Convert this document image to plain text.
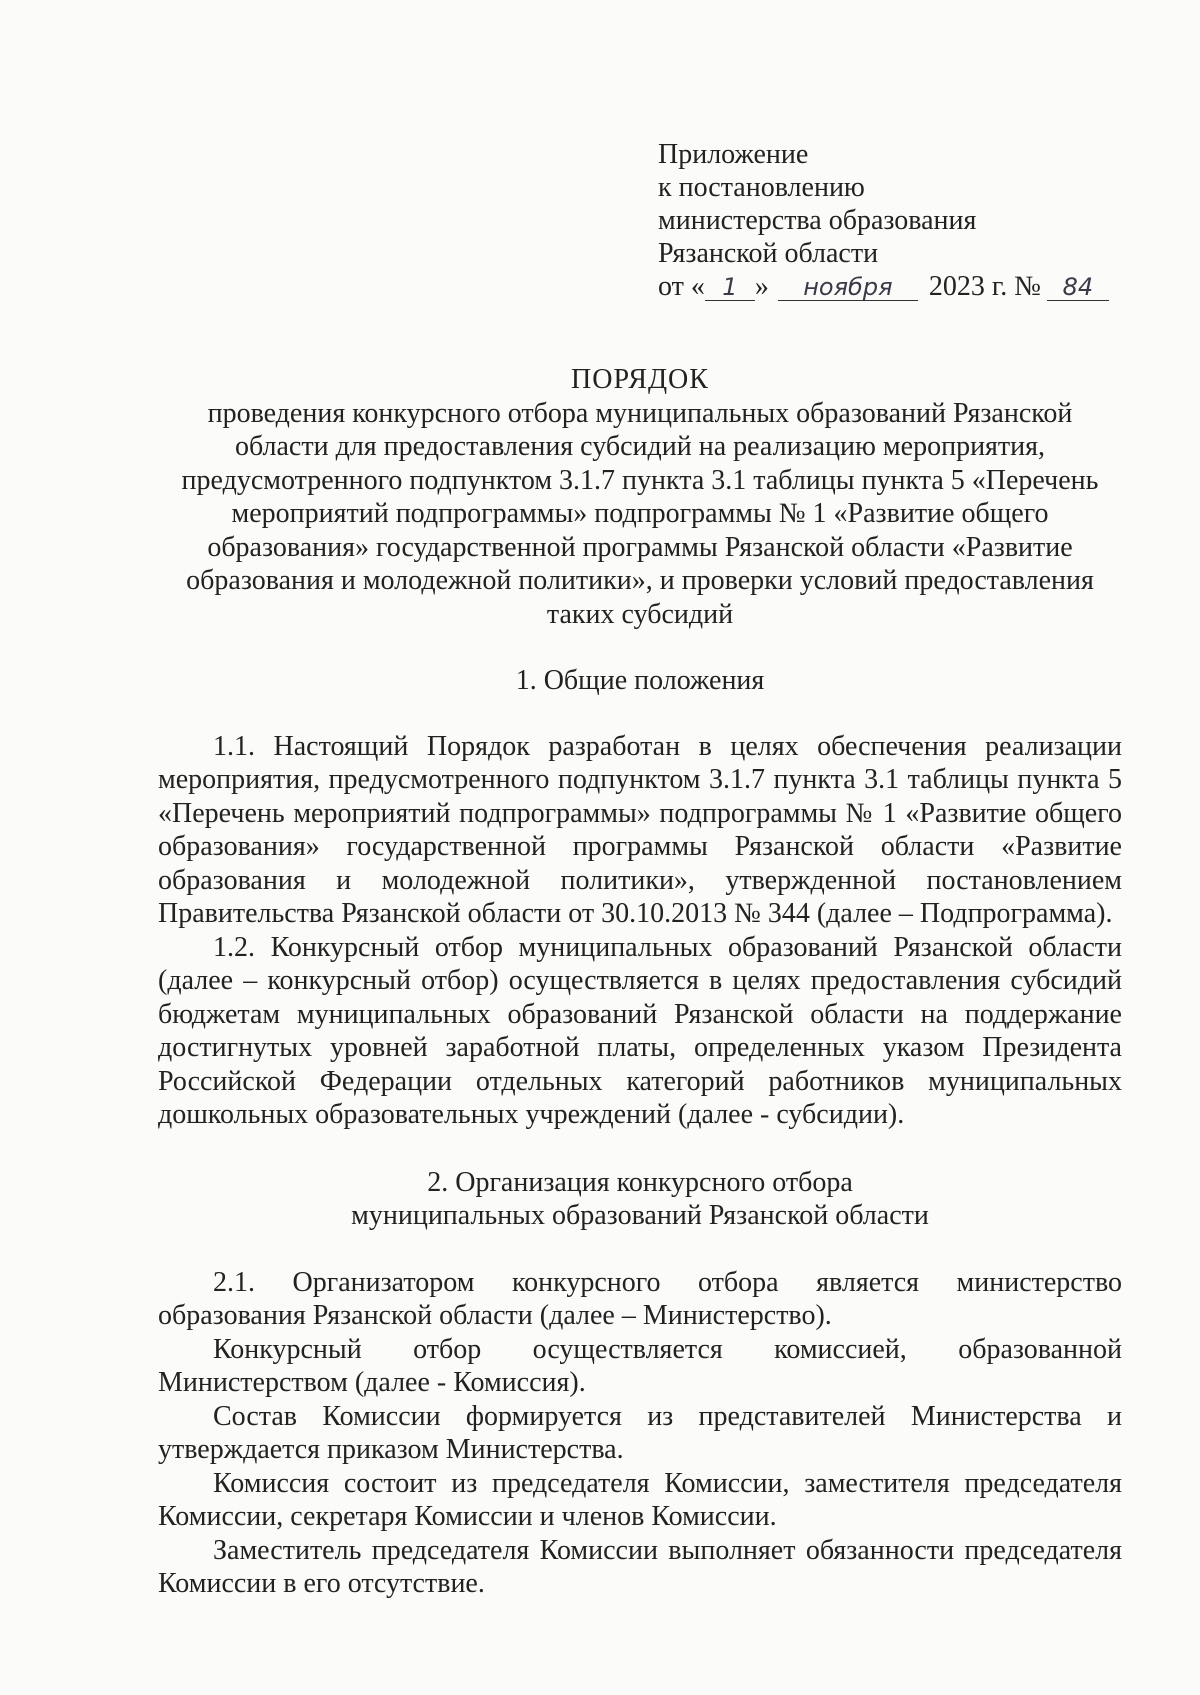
Приложение
к постановлению
министерства образования
Рязанской области
от « 1 » ноября 2023 г. № 84
ПОРЯДОК
проведения конкурсного отбора муниципальных образований Рязанской области для предоставления субсидий на реализацию мероприятия, предусмотренного подпунктом 3.1.7 пункта 3.1 таблицы пункта 5 «Перечень мероприятий подпрограммы» подпрограммы № 1 «Развитие общего образования» государственной программы Рязанской области «Развитие образования и молодежной политики», и проверки условий предоставления таких субсидий
1. Общие положения

1.1. Настоящий Порядок разработан в целях обеспечения реализации мероприятия, предусмотренного подпунктом 3.1.7 пункта 3.1 таблицы пункта 5 «Перечень мероприятий подпрограммы» подпрограммы № 1 «Развитие общего образования» государственной программы Рязанской области «Развитие образования и молодежной политики», утвержденной постановлением Правительства Рязанской области от 30.10.2013 № 344 (далее – Подпрограмма).

1.2. Конкурсный отбор муниципальных образований Рязанской области (далее – конкурсный отбор) осуществляется в целях предоставления субсидий бюджетам муниципальных образований Рязанской области на поддержание достигнутых уровней заработной платы, определенных указом Президента Российской Федерации отдельных категорий работников муниципальных дошкольных образовательных учреждений (далее - субсидии).

2. Организация конкурсного отбора
муниципальных образований Рязанской области

2.1. Организатором конкурсного отбора является министерство образования Рязанской области (далее – Министерство).

Конкурсный отбор осуществляется комиссией, образованной Министерством (далее - Комиссия).

Состав Комиссии формируется из представителей Министерства и утверждается приказом Министерства.

Комиссия состоит из председателя Комиссии, заместителя председателя Комиссии, секретаря Комиссии и членов Комиссии.

Заместитель председателя Комиссии выполняет обязанности председателя Комиссии в его отсутствие.
